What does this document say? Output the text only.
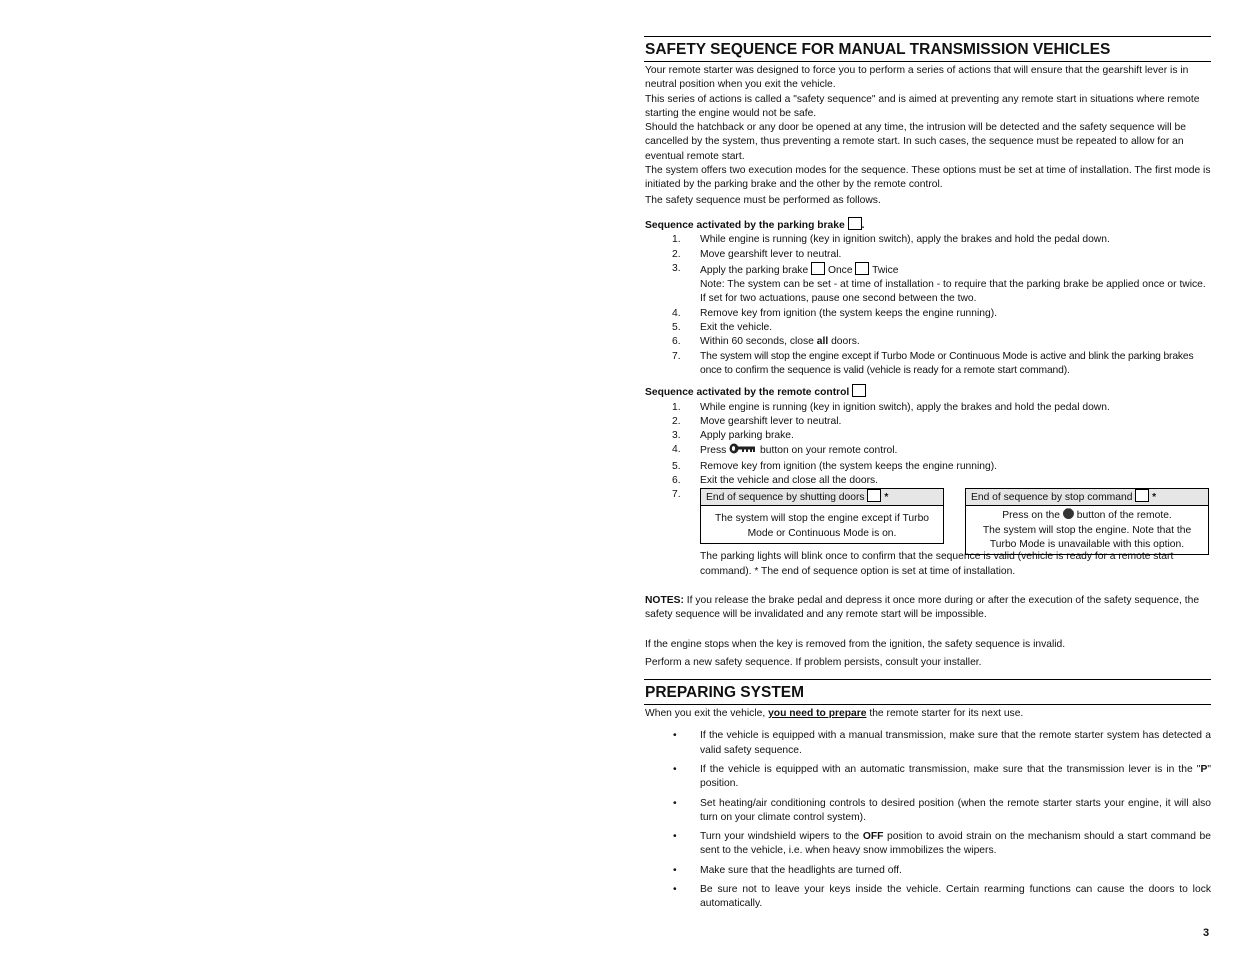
SAFETY SEQUENCE FOR MANUAL TRANSMISSION VEHICLES

Your remote starter was designed to force you to perform a series of actions that will ensure that the gearshift lever is in neutral position when you exit the vehicle.

This series of actions is called a "safety sequence" and is aimed at preventing any remote start in situations where remote starting the engine would not be safe.

Should the hatchback or any door be opened at any time, the intrusion will be detected and the safety sequence will be cancelled by the system, thus preventing a remote start. In such cases, the sequence must be repeated to allow for an eventual remote start.

The system offers two execution modes for the sequence. These options must be set at time of installation. The first mode is initiated by the parking brake and the other by the remote control.

The safety sequence must be performed as follows.

Sequence activated by the parking brake .
1. While engine is running (key in ignition switch), apply the brakes and hold the pedal down.
2. Move gearshift lever to neutral.
3. Apply the parking brake Once Twice
Note: The system can be set - at time of installation - to require that the parking brake be applied once or twice. If set for two actuations, pause one second between the two.
4. Remove key from ignition (the system keeps the engine running).
5. Exit the vehicle.
6. Within 60 seconds, close all doors.
7. The system will stop the engine except if Turbo Mode or Continuous Mode is active and blink the parking brakes once to confirm the sequence is valid (vehicle is ready for a remote start command).
Sequence activated by the remote control
1. While engine is running (key in ignition switch), apply the brakes and hold the pedal down.
2. Move gearshift lever to neutral.
3. Apply parking brake.
4. Press	button on your remote control.
5. Remove key from ignition (the system keeps the engine running).
6. Exit the vehicle and close all the doors.
7.	End of sequence by shutting doors *
The system will stop the engine except if Turbo Mode or Continuous Mode is on.
End of sequence by stop command *
Press on the button of the remote.
The system will stop the engine. Note that the Turbo Mode is unavailable with this option.
The parking lights will blink once to confirm that the sequence is valid (vehicle is ready for a remote start command). * The end of sequence option is set at time of installation.

NOTES: If you release the brake pedal and depress it once more during or after the execution of the safety sequence, the safety sequence will be invalidated and any remote start will be impossible.

If the engine stops when the key is removed from the ignition, the safety sequence is invalid.

Perform a new safety sequence. If problem persists, consult your installer.

PREPARING SYSTEM

When you exit the vehicle, you need to prepare the remote starter for its next use.

• If the vehicle is equipped with a manual transmission, make sure that the remote starter system has detected a valid safety sequence.
• If the vehicle is equipped with an automatic transmission, make sure that the transmission lever is in the "P" position.
• Set heating/air conditioning controls to desired position (when the remote starter starts your engine, it will also turn on your climate control system).
• Turn your windshield wipers to the OFF position to avoid strain on the mechanism should a start command be sent to the vehicle, i.e. when heavy snow immobilizes the wipers.
• Make sure that the headlights are turned off.
• Be sure not to leave your keys inside the vehicle. Certain rearming functions can cause the doors to lock automatically.
3
